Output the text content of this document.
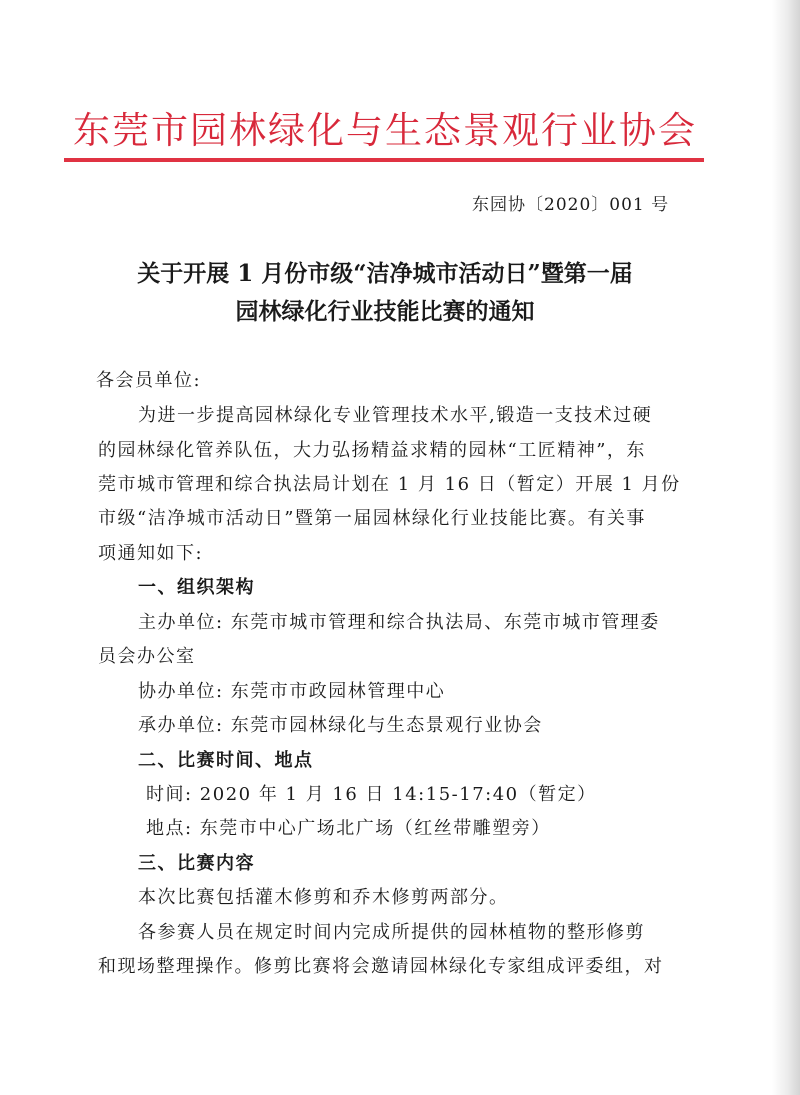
东莞市园林绿化与生态景观行业协会
东园协〔2020〕001 号
关于开展 1 月份市级“洁净城市活动日”暨第一届
园林绿化行业技能比赛的通知
各会员单位:
为进一步提高园林绿化专业管理技术水平,锻造一支技术过硬
的园林绿化管养队伍，大力弘扬精益求精的园林“工匠精神”，东
莞市城市管理和综合执法局计划在 1 月 16 日（暂定）开展 1 月份
市级“洁净城市活动日”暨第一届园林绿化行业技能比赛。有关事
项通知如下:
一、组织架构
主办单位: 东莞市城市管理和综合执法局、东莞市城市管理委
员会办公室
协办单位: 东莞市市政园林管理中心
承办单位: 东莞市园林绿化与生态景观行业协会
二、比赛时间、地点
时间: 2020 年 1 月 16 日 14:15-17:40（暂定）
地点: 东莞市中心广场北广场（红丝带雕塑旁）
三、比赛内容
本次比赛包括灌木修剪和乔木修剪两部分。
各参赛人员在规定时间内完成所提供的园林植物的整形修剪
和现场整理操作。修剪比赛将会邀请园林绿化专家组成评委组，对
